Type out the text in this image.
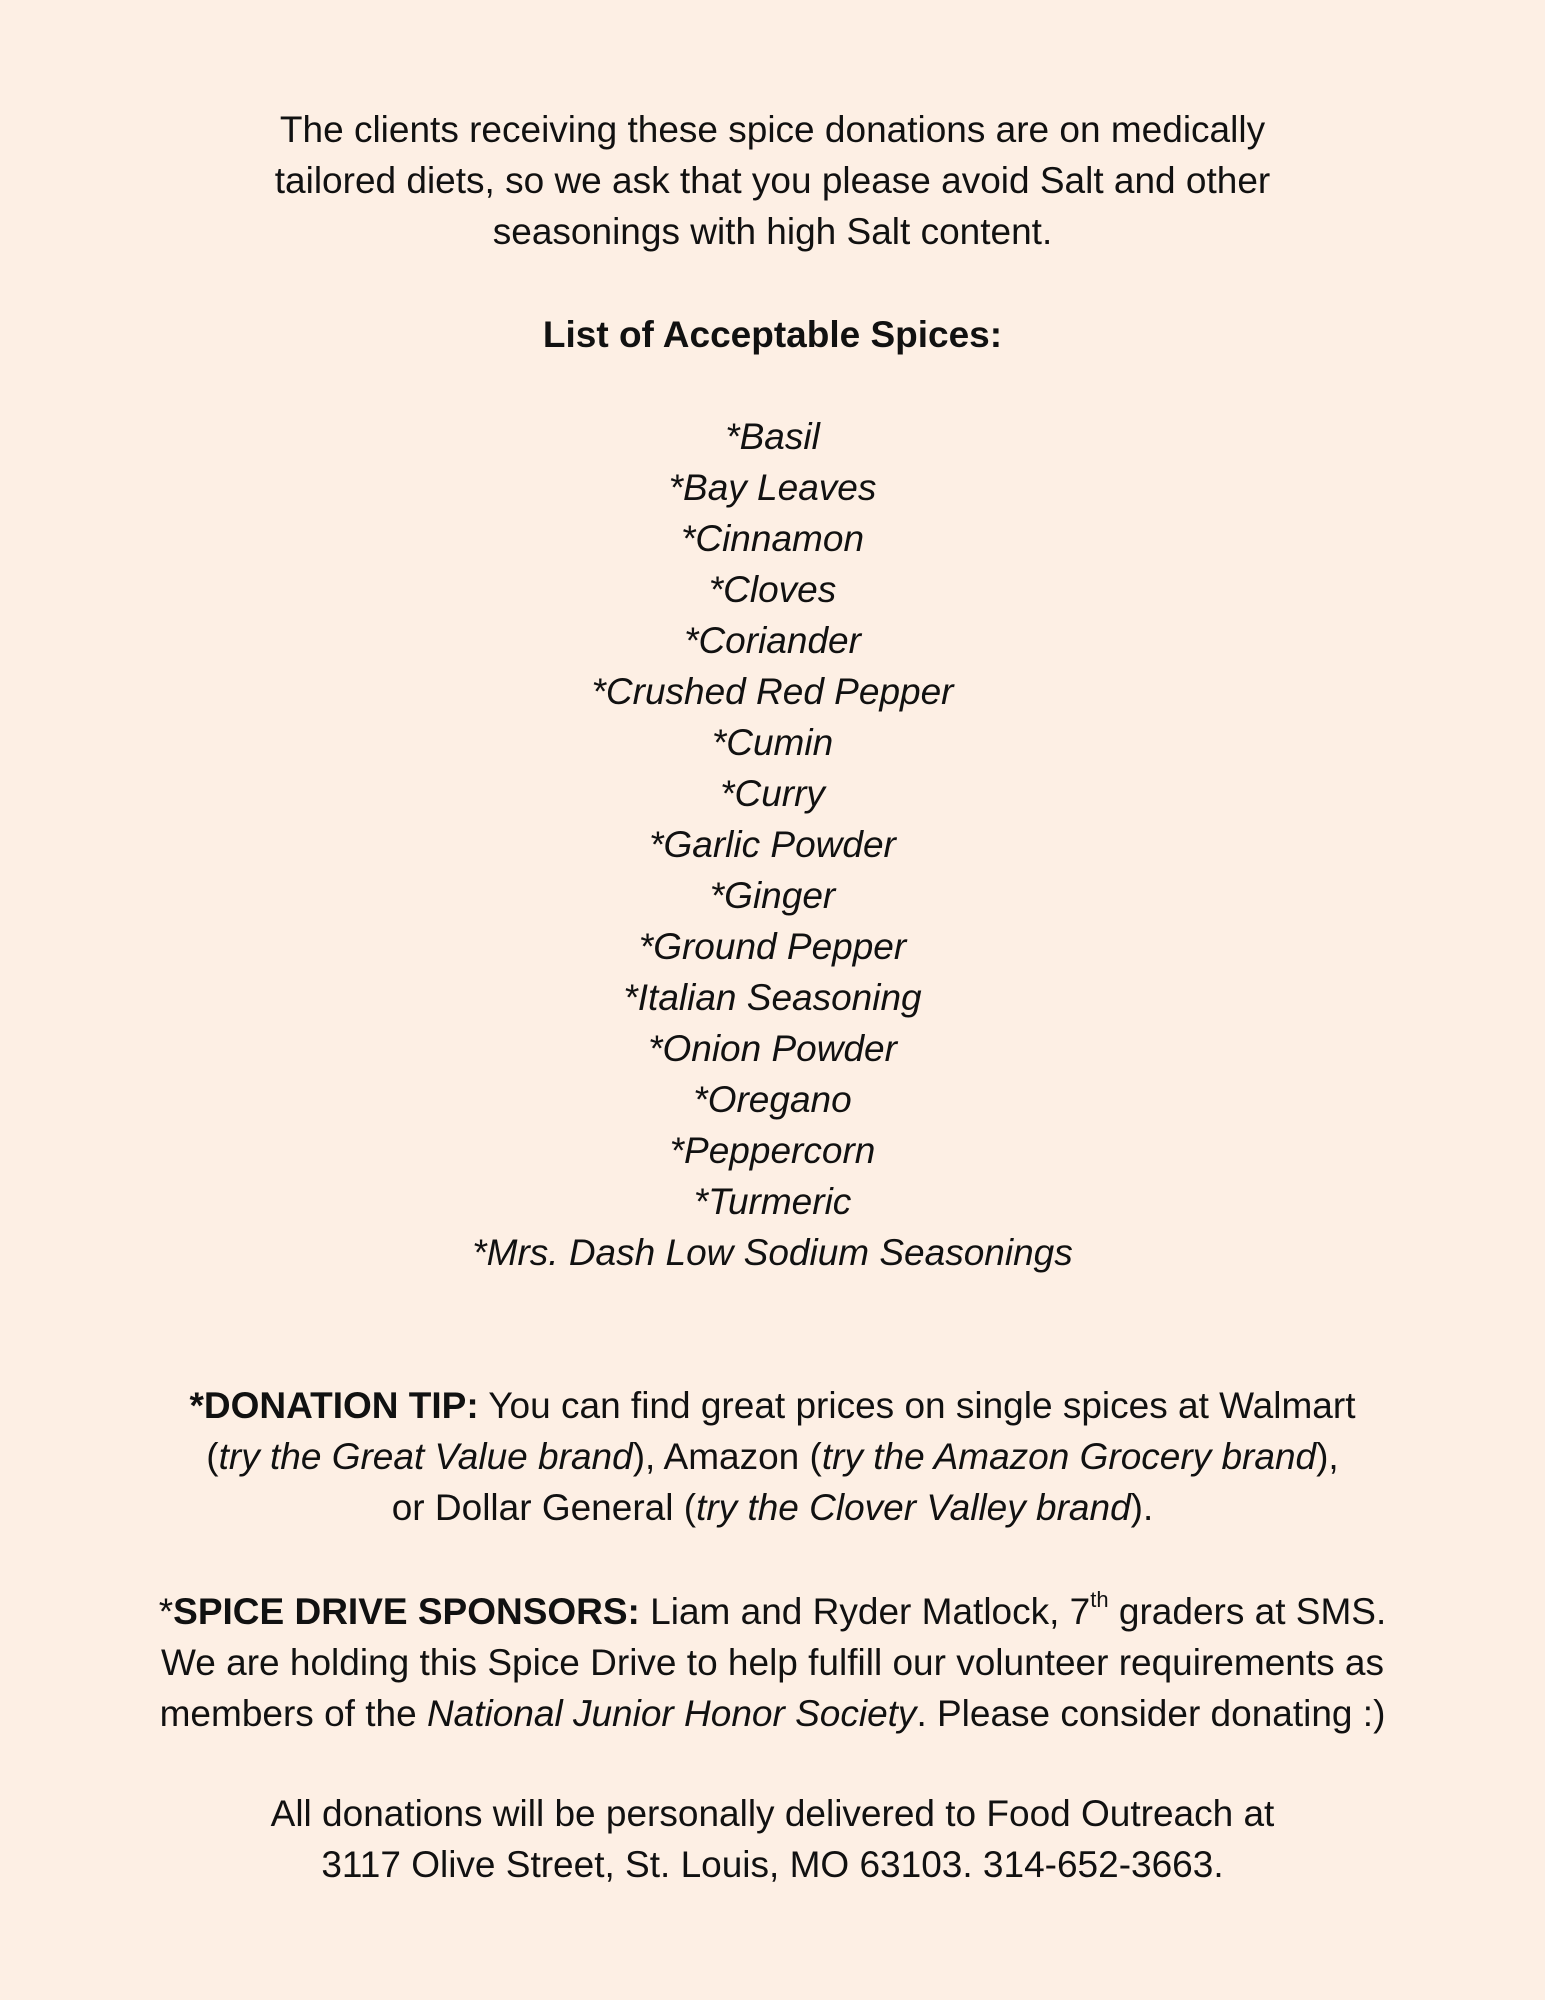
The clients receiving these spice donations are on medically
tailored diets, so we ask that you please avoid Salt and other
seasonings with high Salt content.
List of Acceptable Spices:
*Basil
*Bay Leaves
*Cinnamon
*Cloves
*Coriander
*Crushed Red Pepper
*Cumin
*Curry
*Garlic Powder
*Ginger
*Ground Pepper
*Italian Seasoning
*Onion Powder
*Oregano
*Peppercorn
*Turmeric
*Mrs. Dash Low Sodium Seasonings
*DONATION TIP: You can find great prices on single spices at Walmart
(try the Great Value brand), Amazon (try the Amazon Grocery brand),
or Dollar General (try the Clover Valley brand).
*SPICE DRIVE SPONSORS: Liam and Ryder Matlock, 7th graders at SMS.
We are holding this Spice Drive to help fulfill our volunteer requirements as
members of the National Junior Honor Society. Please consider donating :)
All donations will be personally delivered to Food Outreach at
3117 Olive Street, St. Louis, MO 63103. 314-652-3663.
